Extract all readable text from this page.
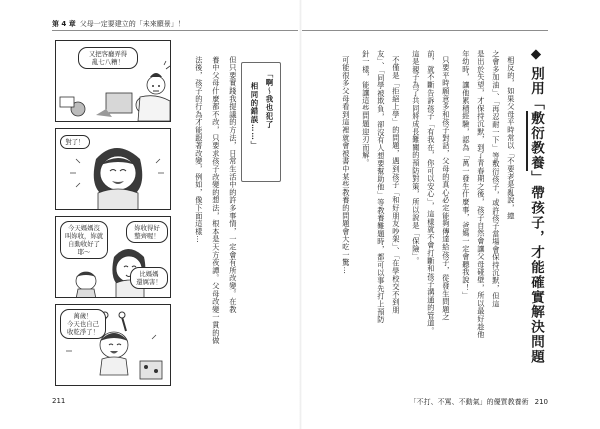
第 4 章 父母一定要建立的「未來願景」！
211	「不打、不罵、不動氣」的優質教養術 210
又把客廳弄得
亂七八糟！
對了！
今天媽媽沒
叫妳收，妳就
自動收好了
耶～
妳收得好
整齊喔！
比媽媽
還厲害！
萬歲！
今天也自己
收乾淨了！
「啊～我也犯了
相同的錯誤……」
但只要實踐我提議的方法，日常生活中的許多事情，一定會有所改變。在教
養中父母什麼都不改，只要求孩子改變的想法，根本是天方夜譚。父母改變一貫的做
法後，孩子的行為才能跟著改變，例如，像下面這樣…
◆別用「敷衍教養」帶孩子，才能確實解決問題
相反的，如果父母平時常以「不要老是亂說，總
之會多加油」、「再忍耐一下」等敷衍孩子，或許孩子當場會保持沉默，但這
是出於失望，才保持沉默，到了青春期之後，孩子自然會讓父母碰壁，所以最好趁他
年幼時，讓他累積經驗，認為「萬一發生什麼事，爸媽一定會聽我說！」
只要平時願意多和孩子對話，父母的真心必定能夠傳達給孩子，從發生問題之
前，就不斷告訴孩子「有我在，你可以安心」，這樣就不會打斷和孩子溝通的管道。
這是親子為了共同將成長難關的預防對策，所以說是「保險」。
不僅是「拒絕上學」的問題，遇到孩子「和好朋友吵架」、「在學校交不到朋
友」、「同學被欺負，卻沒有人想要幫助他」等教養難題時，都可以事先打上預防
針一樣，能讓這些問題迎刃而解。
可能很多父母看到這裡就會被書中某些教養的問題會大吃一驚…
